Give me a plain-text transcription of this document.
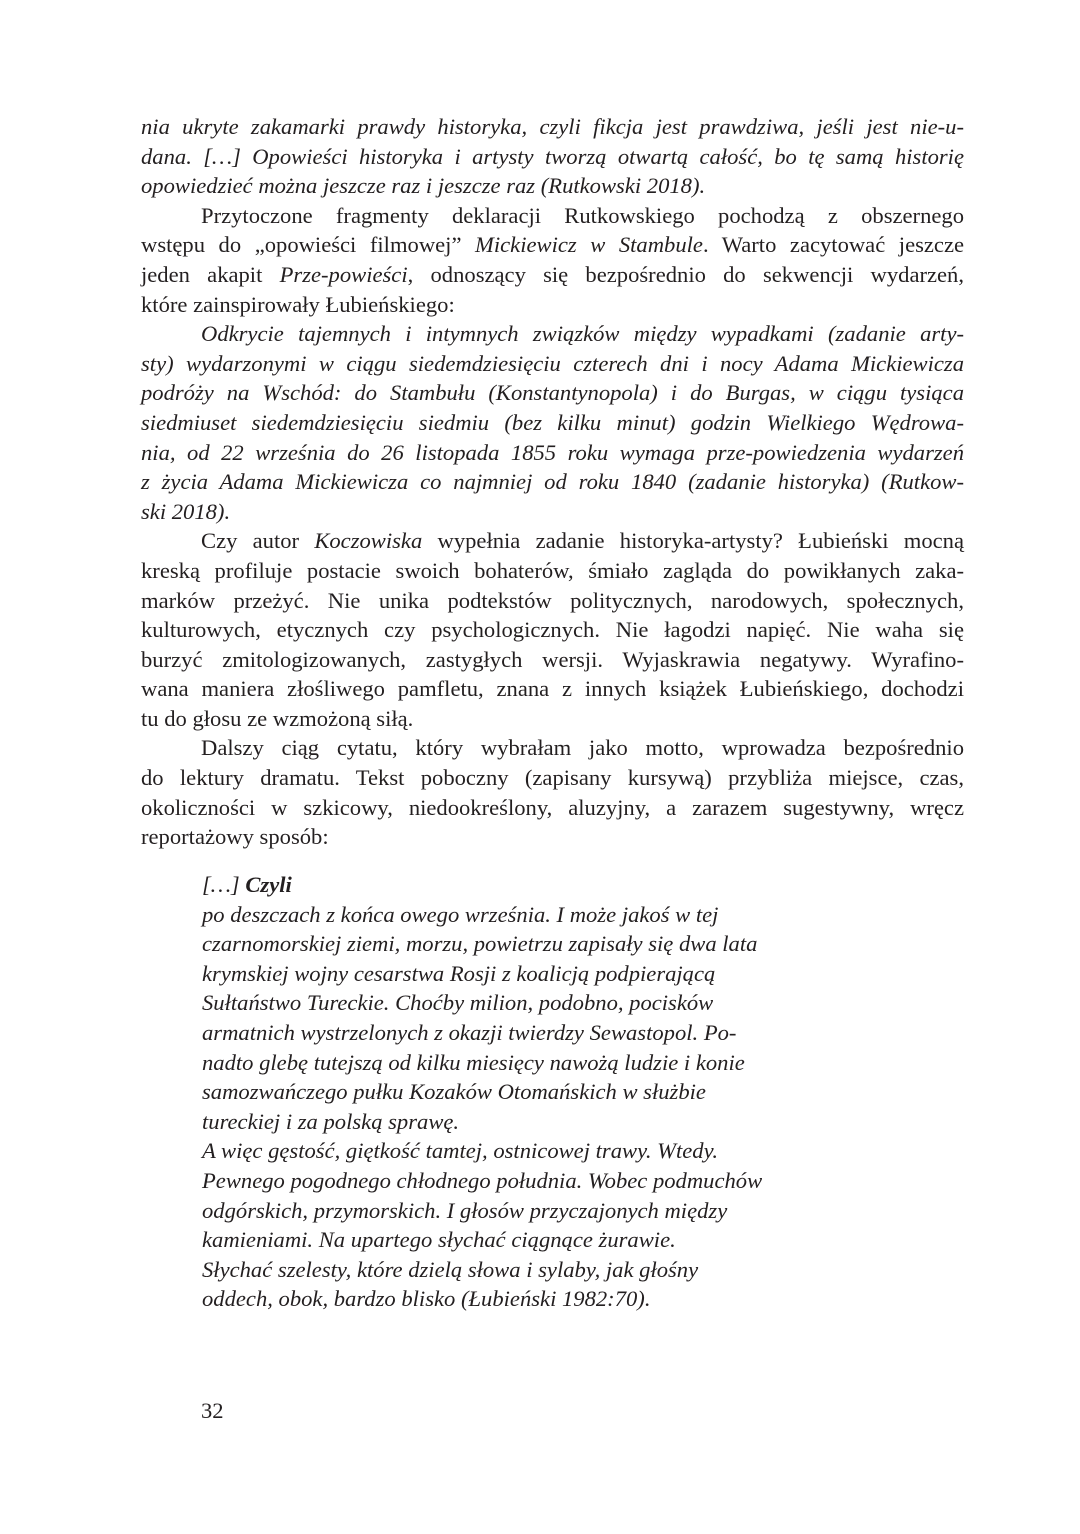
nia ukryte zakamarki prawdy historyka, czyli fikcja jest prawdziwa, jeśli jest nie-u-
dana. […] Opowieści historyka i artysty tworzą otwartą całość, bo tę samą historię
opowiedzieć można jeszcze raz i jeszcze raz (Rutkowski 2018).
Przytoczone fragmenty deklaracji Rutkowskiego pochodzą z obszernego
wstępu do „opowieści filmowej” Mickiewicz w Stambule. Warto zacytować jeszcze
jeden akapit Prze-powieści, odnoszący się bezpośrednio do sekwencji wydarzeń,
które zainspirowały Łubieńskiego:
Odkrycie tajemnych i intymnych związków między wypadkami (zadanie arty-
sty) wydarzonymi w ciągu siedemdziesięciu czterech dni i nocy Adama Mickiewicza
podróży na Wschód: do Stambułu (Konstantynopola) i do Burgas, w ciągu tysiąca
siedmiuset siedemdziesięciu siedmiu (bez kilku minut) godzin Wielkiego Wędrowa-
nia, od 22 września do 26 listopada 1855 roku wymaga prze-powiedzenia wydarzeń
z życia Adama Mickiewicza co najmniej od roku 1840 (zadanie historyka) (Rutkow-
ski 2018).
Czy autor Koczowiska wypełnia zadanie historyka-artysty? Łubieński mocną
kreską profiluje postacie swoich bohaterów, śmiało zagląda do powikłanych zaka-
marków przeżyć. Nie unika podtekstów politycznych, narodowych, społecznych,
kulturowych, etycznych czy psychologicznych. Nie łagodzi napięć. Nie waha się
burzyć zmitologizowanych, zastygłych wersji. Wyjaskrawia negatywy. Wyrafino-
wana maniera złośliwego pamfletu, znana z innych książek Łubieńskiego, dochodzi
tu do głosu ze wzmożoną siłą.
Dalszy ciąg cytatu, który wybrałam jako motto, wprowadza bezpośrednio
do lektury dramatu. Tekst poboczny (zapisany kursywą) przybliża miejsce, czas,
okoliczności w szkicowy, niedookreślony, aluzyjny, a zarazem sugestywny, wręcz
reportażowy sposób:
[…] Czyli
po deszczach z końca owego września. I może jakoś w tej
czarnomorskiej ziemi, morzu, powietrzu zapisały się dwa lata
krymskiej wojny cesarstwa Rosji z koalicją podpierającą
Sułtaństwo Tureckie. Choćby milion, podobno, pocisków
armatnich wystrzelonych z okazji twierdzy Sewastopol. Po-
nadto glebę tutejszą od kilku miesięcy nawożą ludzie i konie
samozwańczego pułku Kozaków Otomańskich w służbie
tureckiej i za polską sprawę.
A więc gęstość, giętkość tamtej, ostnicowej trawy. Wtedy.
Pewnego pogodnego chłodnego południa. Wobec podmuchów
odgórskich, przymorskich. I głosów przyczajonych między
kamieniami. Na upartego słychać ciągnące żurawie.
Słychać szelesty, które dzielą słowa i sylaby, jak głośny
oddech, obok, bardzo blisko (Łubieński 1982:70).
32
